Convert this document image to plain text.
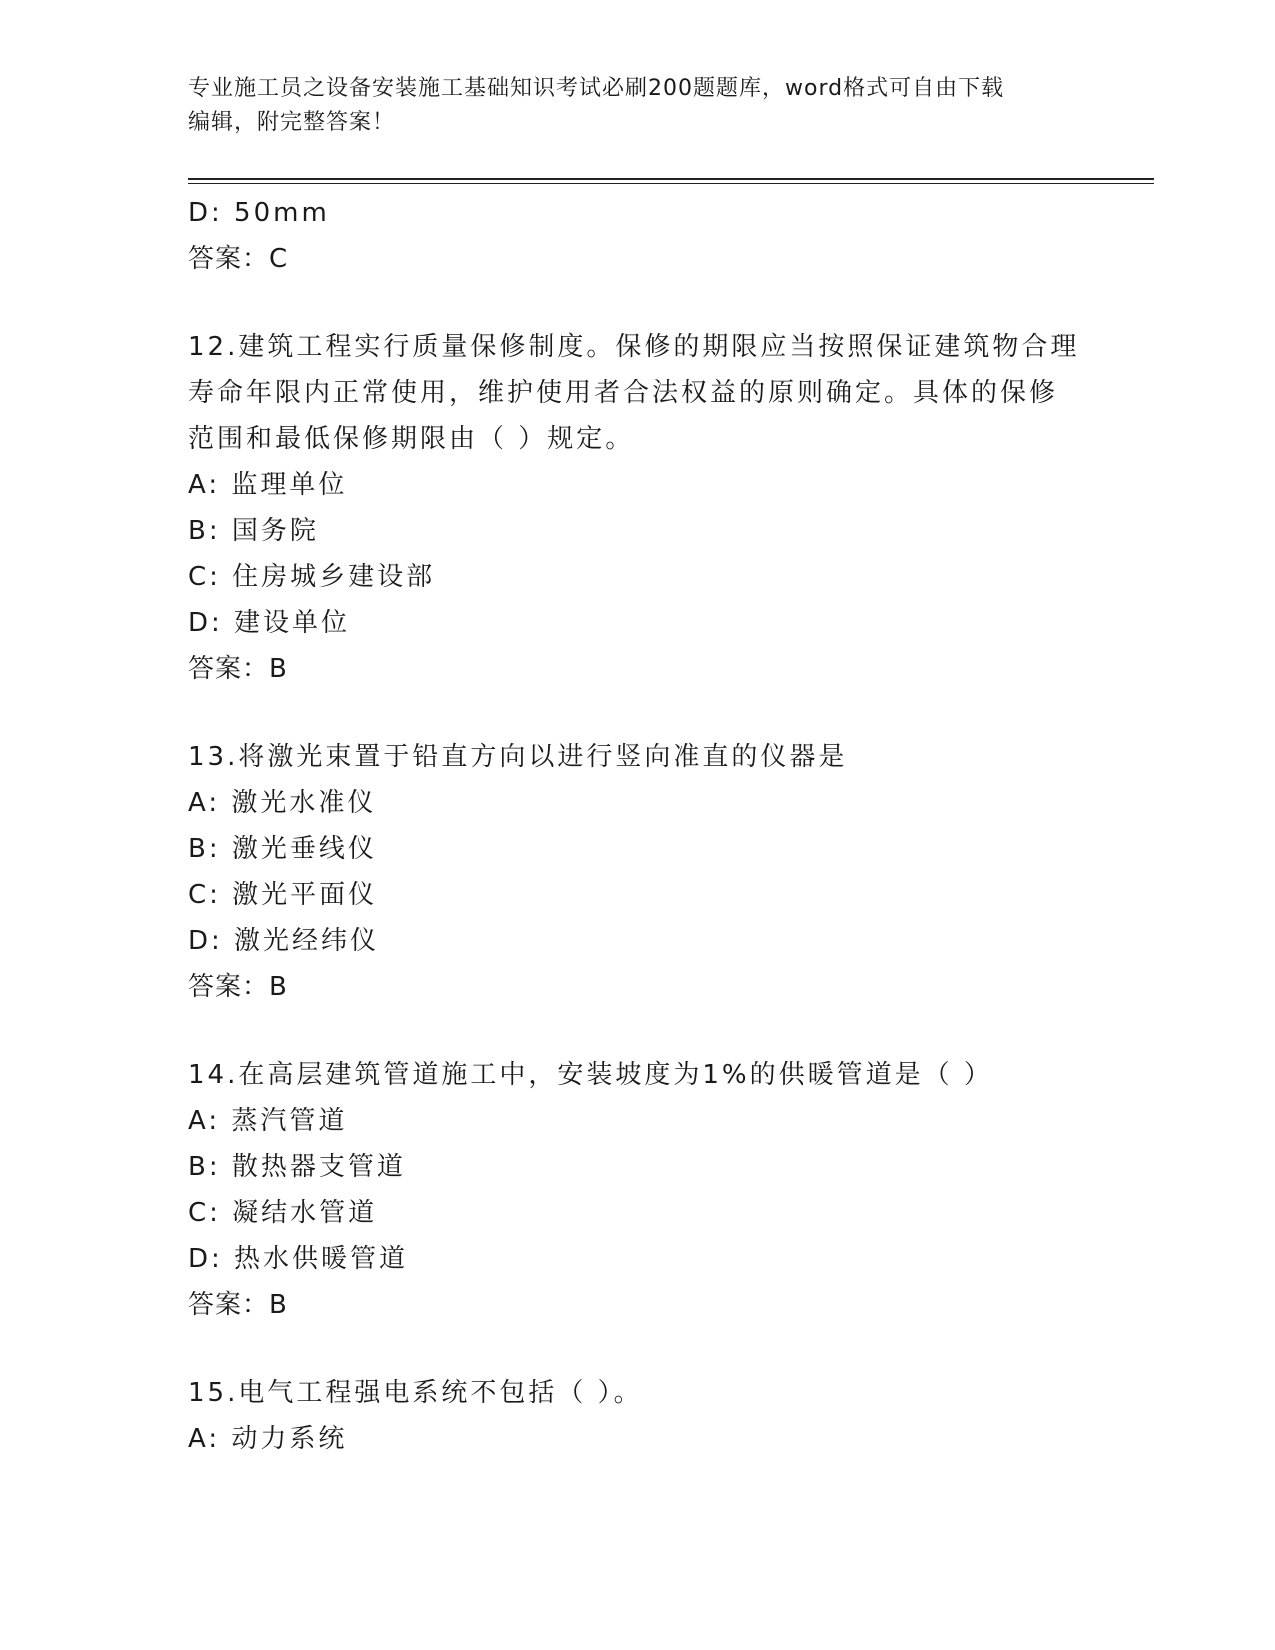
专业施工员之设备安装施工基础知识考试必刷200题题库，word格式可自由下载
编辑，附完整答案！
D: 50mm
答案：C
12.建筑工程实行质量保修制度。保修的期限应当按照保证建筑物合理
寿命年限内正常使用，维护使用者合法权益的原则确定。具体的保修
范围和最低保修期限由（ ）规定。
A: 监理单位
B: 国务院
C: 住房城乡建设部
D: 建设单位
答案：B
13.将激光束置于铅直方向以进行竖向准直的仪器是
A: 激光水准仪
B: 激光垂线仪
C: 激光平面仪
D: 激光经纬仪
答案：B
14.在高层建筑管道施工中，安装坡度为1%的供暖管道是（ ）
A: 蒸汽管道
B: 散热器支管道
C: 凝结水管道
D: 热水供暖管道
答案：B
15.电气工程强电系统不包括（ ）。
A: 动力系统
